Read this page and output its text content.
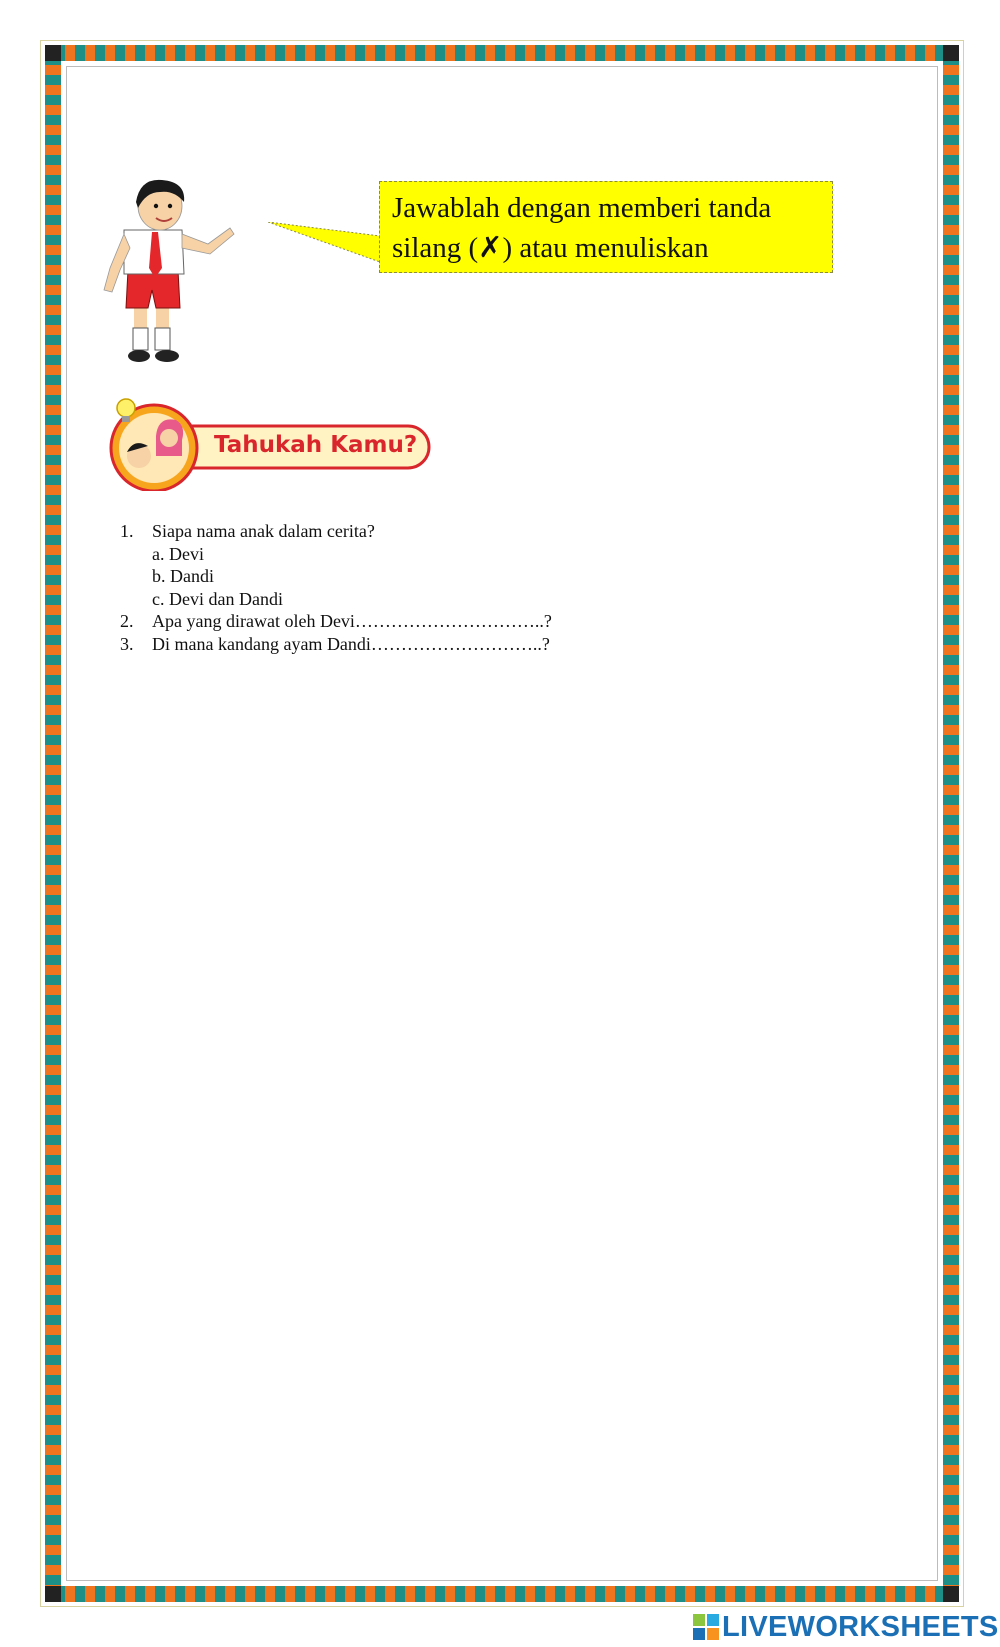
Jawablah dengan memberi tanda
silang (✗) atau menuliskan
Tahukah Kamu?
1.	Siapa nama anak dalam cerita?
a. Devi
b. Dandi
c. Devi dan Dandi
2.	Apa yang dirawat oleh Devi…………………………..?
3.	Di mana kandang ayam Dandi………………………..?
LIVEWORKSHEETS
